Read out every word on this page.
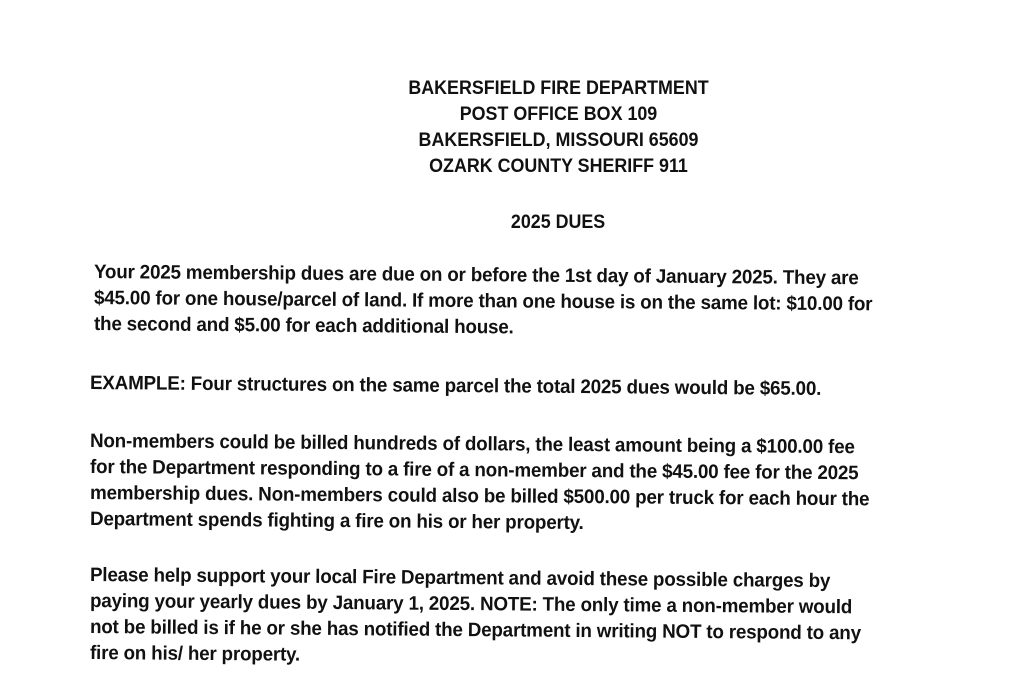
BAKERSFIELD FIRE DEPARTMENT
POST OFFICE BOX 109
BAKERSFIELD, MISSOURI 65609
OZARK COUNTY SHERIFF 911
2025 DUES
Your 2025 membership dues are due on or before the 1st day of January 2025. They are
$45.00 for one house/parcel of land. If more than one house is on the same lot: $10.00 for
the second and $5.00 for each additional house.
EXAMPLE: Four structures on the same parcel the total 2025 dues would be $65.00.
Non-members could be billed hundreds of dollars, the least amount being a $100.00 fee
for the Department responding to a fire of a non-member and the $45.00 fee for the 2025
membership dues. Non-members could also be billed $500.00 per truck for each hour the
Department spends fighting a fire on his or her property.
Please help support your local Fire Department and avoid these possible charges by
paying your yearly dues by January 1, 2025. NOTE: The only time a non-member would
not be billed is if he or she has notified the Department in writing NOT to respond to any
fire on his/ her property.
